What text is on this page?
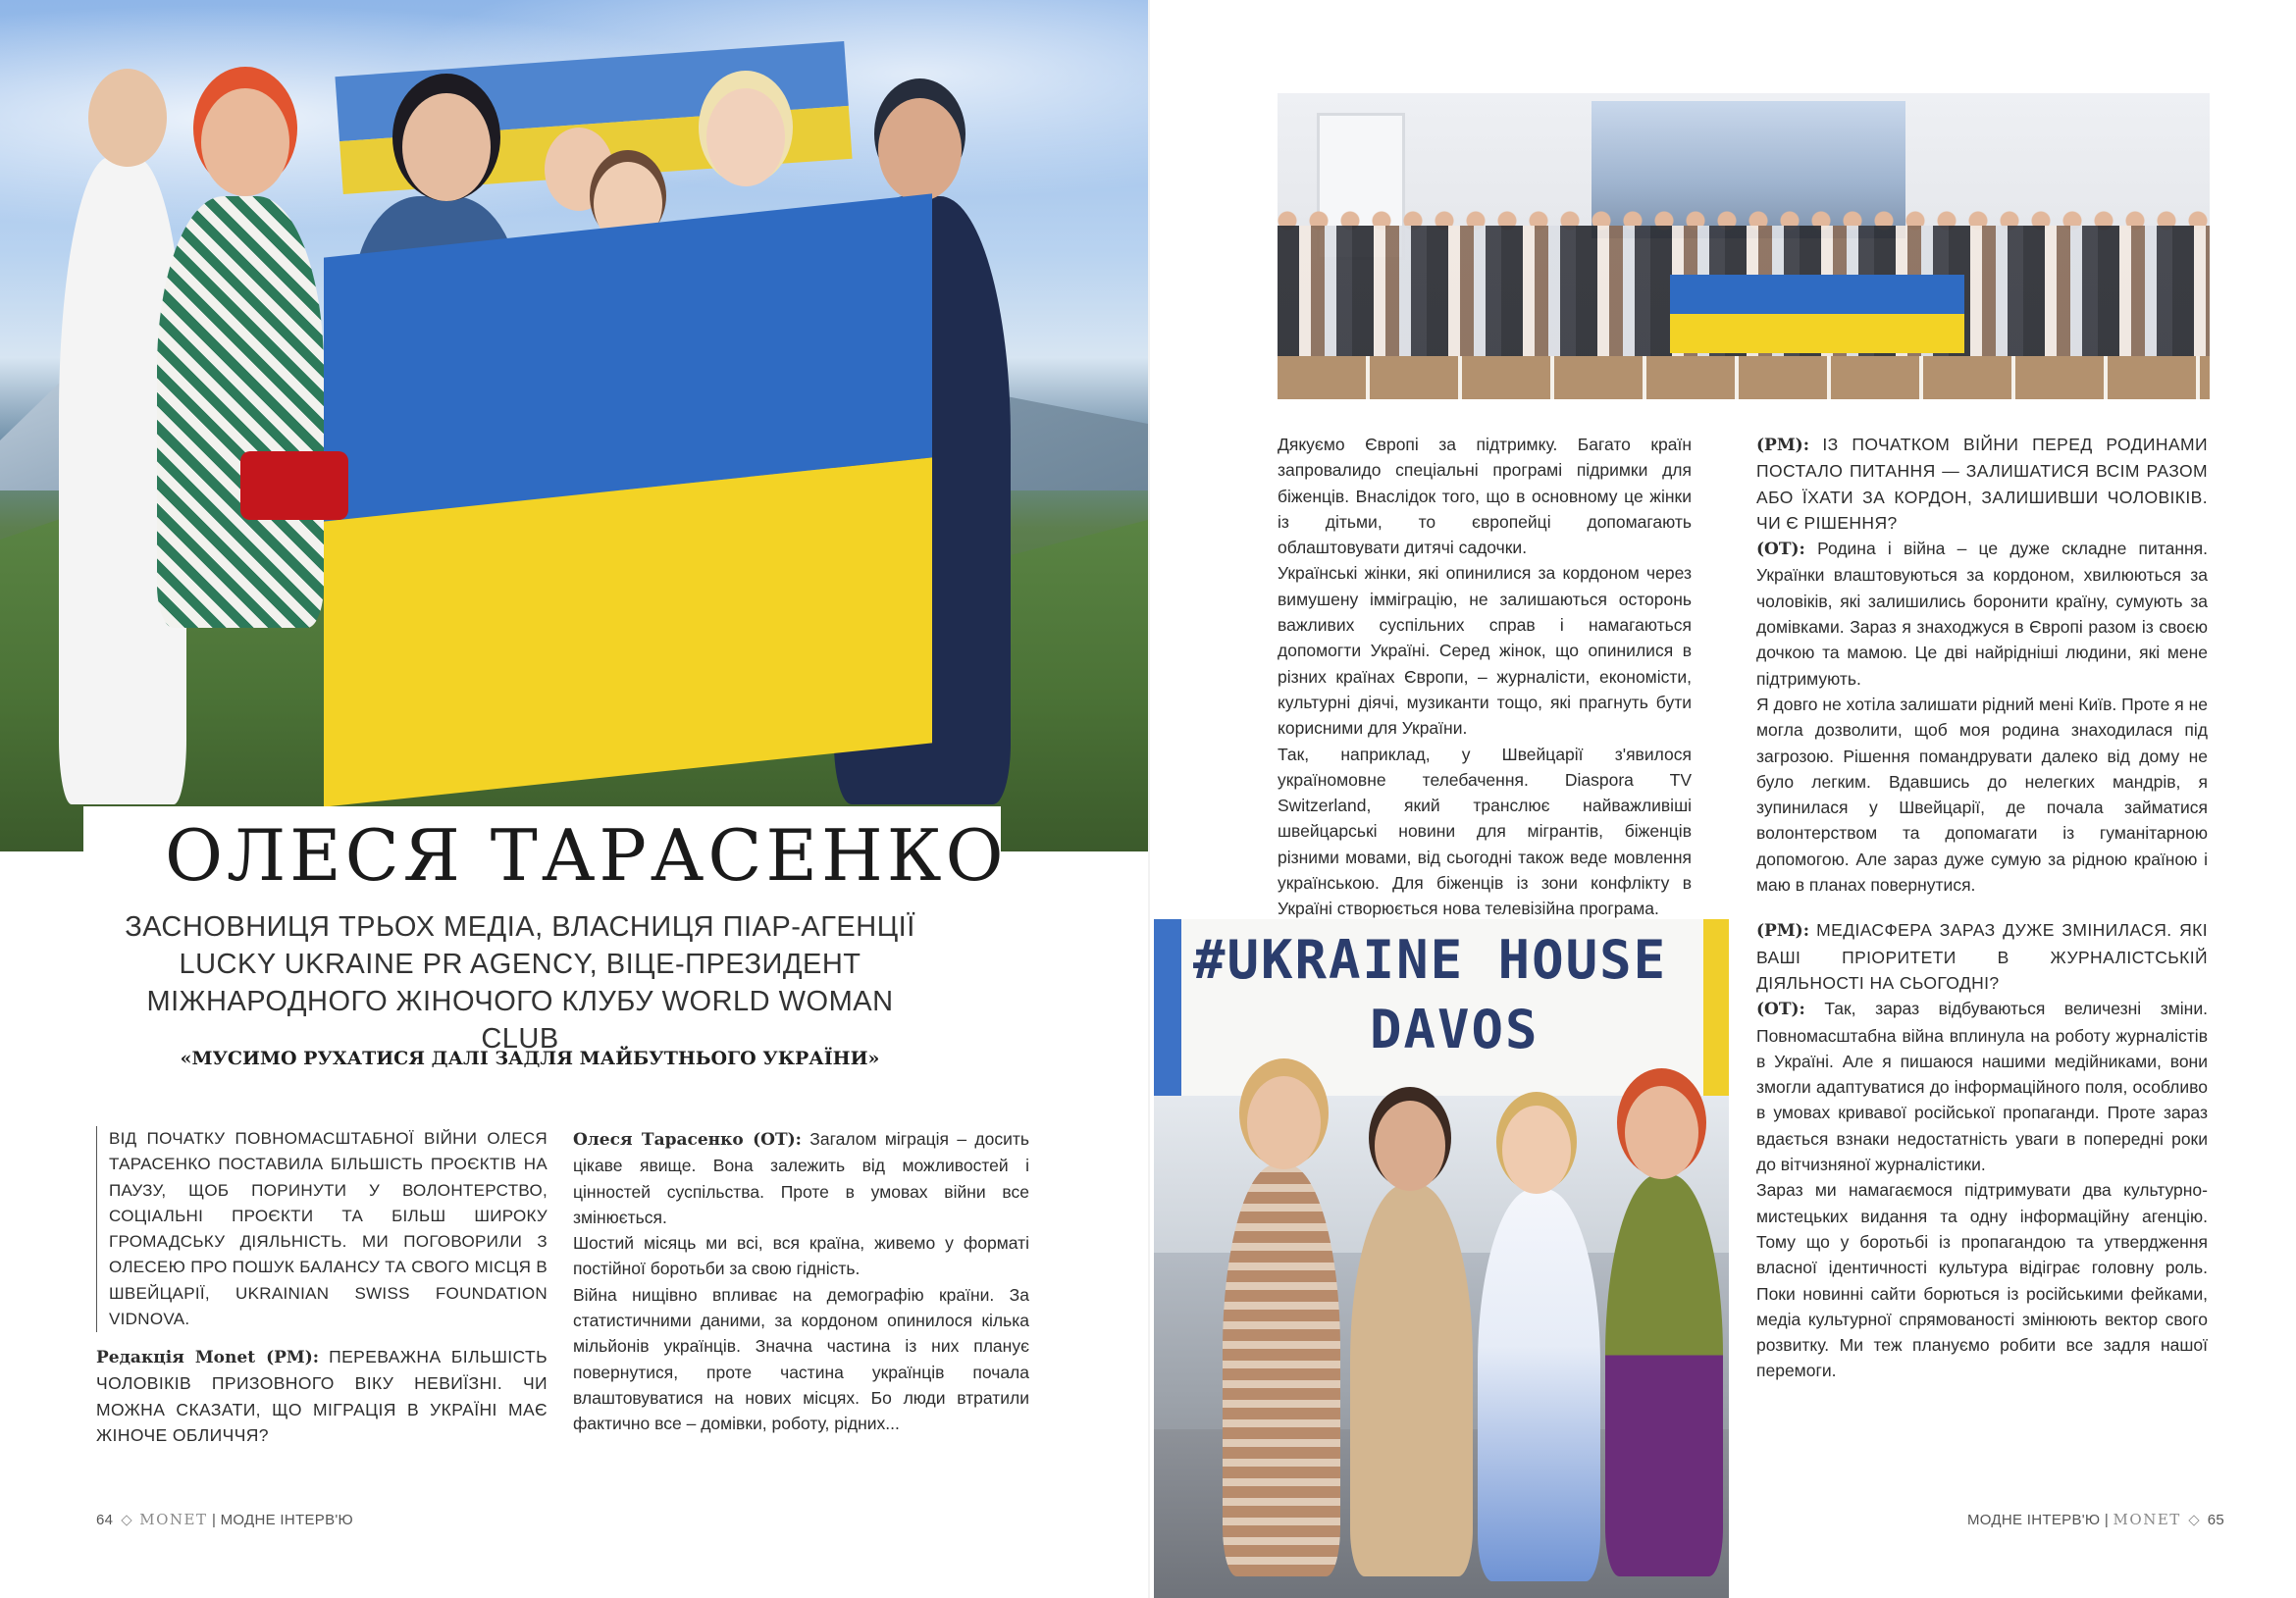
ОЛЕСЯ ТАРАСЕНКО
ЗАСНОВНИЦЯ ТРЬОХ МЕДІА, ВЛАСНИЦЯ ПІАР-АГЕНЦІЇ LUCKY UKRAINE PR AGENCY, ВІЦЕ-ПРЕЗИДЕНТ МІЖНАРОДНОГО ЖІНОЧОГО КЛУБУ WORLD WOMAN CLUB
«МУСИМО РУХАТИСЯ ДАЛІ ЗАДЛЯ МАЙБУТНЬОГО УКРАЇНИ»
ВІД ПОЧАТКУ ПОВНОМАСШТАБНОЇ ВІЙНИ ОЛЕСЯ ТАРАСЕНКО ПОСТАВИЛА БІЛЬШІСТЬ ПРОЄКТІВ НА ПАУЗУ, ЩОБ ПОРИНУТИ У ВОЛОНТЕРСТВО, СОЦІАЛЬНІ ПРОЄКТИ ТА БІЛЬШ ШИРОКУ ГРОМАДСЬКУ ДІЯЛЬНІСТЬ. МИ ПОГОВОРИЛИ З ОЛЕСЕЮ ПРО ПОШУК БАЛАНСУ ТА СВОГО МІСЦЯ В ШВЕЙЦАРІЇ, UKRAINIAN SWISS FOUNDATION VIDNOVA.
Редакція Monet (РМ): ПЕРЕВАЖНА БІЛЬШІСТЬ ЧОЛОВІКІВ ПРИЗОВНОГО ВІКУ НЕВИЇЗНІ. ЧИ МОЖНА СКАЗАТИ, ЩО МІГРАЦІЯ В УКРАЇНІ МАЄ ЖІНОЧЕ ОБЛИЧЧЯ?

Олеся Тарасенко (ОТ): Загалом міграція – досить цікаве явище. Вона залежить від можливостей і цінностей суспільства. Проте в умовах війни все змінюється.

Шостий місяць ми всі, вся країна, живемо у форматі постійної боротьби за свою гідність.

Війна нищівно впливає на демографію країни. За статистичними даними, за кордоном опинилося кілька мільйонів українців. Значна частина із них планує повернутися, проте частина українців почала влаштовуватися на нових місцях. Бо люди втратили фактично все – домівки, роботу, рідних...

64 MONET | МОДНЕ ІНТЕРВ'Ю

Дякуємо Європі за підтримку. Багато країн запровалидо спеціальні програмі підримки для біженців. Внаслідок того, що в основному це жінки із дітьми, то європейці допомагають облаштовувати дитячі садочки.

Українські жінки, які опинилися за кордоном через вимушену імміграцію, не залишаються осторонь важливих суспільних справ і намагаються допомогти Україні. Серед жінок, що опинилися в різних країнах Європи, – журналісти, економісти, культурні діячі, музиканти тощо, які прагнуть бути корисними для України.

Так, наприклад, у Швейцарії з'явилося україномовне телебачення. Diaspora TV Switzerland, який транслює найважливіші швейцарські новини для мігрантів, біженців різними мовами, від сьогодні також веде мовлення українською. Для біженців із зони конфлікту в Україні створюється нова телевізійна програма.

(РМ): ІЗ ПОЧАТКОМ ВІЙНИ ПЕРЕД РОДИНАМИ ПОСТАЛО ПИТАННЯ — ЗАЛИШАТИСЯ ВСІМ РАЗОМ АБО ЇХАТИ ЗА КОРДОН, ЗАЛИШИВШИ ЧОЛОВІКІВ. ЧИ Є РІШЕННЯ?

(ОТ): Родина і війна – це дуже складне питання. Українки влаштовуються за кордоном, хвилюються за чоловіків, які залишились боронити країну, сумують за домівками. Зараз я знаходжуся в Європі разом із своєю дочкою та мамою. Це дві найрідніші людини, які мене підтримують.

Я довго не хотіла залишати рідний мені Київ. Проте я не могла дозволити, щоб моя родина знаходилася під загрозою. Рішення помандрувати далеко від дому не було легким. Вдавшись до нелегких мандрів, я зупинилася у Швейцарії, де почала займатися волонтерством та допомагати із гуманітарною допомогою. Але зараз дуже сумую за рідною країною і маю в планах повернутися.

(РМ): МЕДІАСФЕРА ЗАРАЗ ДУЖЕ ЗМІНИЛАСЯ. ЯКІ ВАШІ ПРІОРИТЕТИ В ЖУРНАЛІСТСЬКІЙ ДІЯЛЬНОСТІ НА СЬОГОДНІ?

(ОТ): Так, зараз відбуваються величезні зміни. Повномасштабна війна вплинула на роботу журналістів в Україні. Але я пишаюся нашими медійниками, вони змогли адаптуватися до інформаційного поля, особливо в умовах кривавої російської пропаганди. Проте зараз вдається взнаки недостатність уваги в попередні роки до вітчизняної журналістики.

Зараз ми намагаємося підтримувати два культурно-мистецьких видання та одну інформаційну агенцію. Тому що у боротьбі із пропагандою та утвердження власної ідентичності культура відіграє головну роль. Поки новинні сайти борються із російськими фейками, медіа культурної спрямованості змінюють вектор свого розвитку. Ми теж плануємо робити все задля нашої перемоги.

#UKRAINE HOUSE
DAVOS
МОДНЕ ІНТЕРВ'Ю | MONET 65
